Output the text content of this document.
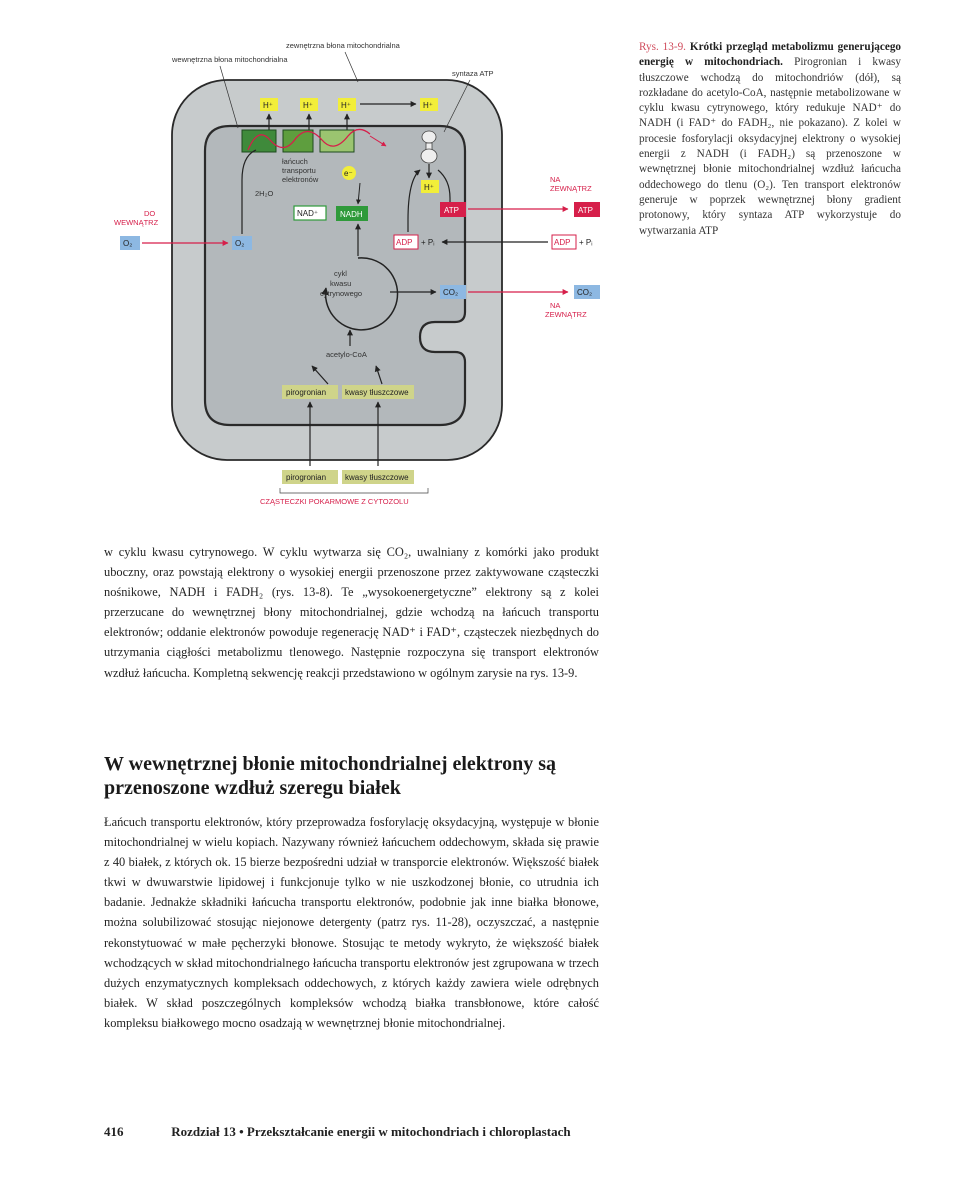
zewnętrzna błona mitochondrialna
wewnętrzna błona mitochondrialna
syntaza ATP
H⁺	H⁺	H⁺	H⁺
łańcuch
transportu
elektronów
e⁻
2H₂O
NAD⁺	NADH
H⁺
ATP	ATP
NA
ZEWNĄTRZ
ADP + Pᵢ	ADP + Pᵢ
DO
WEWNĄTRZ
O₂	O₂
cykl
kwasu
cytrynowego	CO₂	CO₂
NA
ZEWNĄTRZ
acetylo-CoA
pirogronian kwasy tłuszczowe
pirogronian kwasy tłuszczowe
CZĄSTECZKI POKARMOWE Z CYTOZOLU
Rys. 13-9. Krótki przegląd metabolizmu generującego energię w mitochondriach. Pirogronian i kwasy tłuszczowe wchodzą do mitochondriów (dół), są rozkładane do acetylo-CoA, następnie metabolizowane w cyklu kwasu cytrynowego, który redukuje NAD⁺ do NADH (i FAD⁺ do FADH₂, nie pokazano). Z kolei w procesie fosforylacji oksydacyjnej elektrony o wysokiej energii z NADH (i FADH₂) są przenoszone w wewnętrznej błonie mitochondrialnej wzdłuż łańcucha oddechowego do tlenu (O₂). Ten transport elektronów generuje w poprzek wewnętrznej błony gradient protonowy, który syntaza ATP wykorzystuje do wytwarzania ATP

w cyklu kwasu cytrynowego. W cyklu wytwarza się CO₂, uwalniany z komórki jako produkt uboczny, oraz powstają elektrony o wysokiej energii przenoszone przez zaktywowane cząsteczki nośnikowe, NADH i FADH₂ (rys. 13-8). Te „wysokoenergetyczne” elektrony są z kolei przerzucane do wewnętrznej błony mitochondrialnej, gdzie wchodzą na łańcuch transportu elektronów; oddanie elektronów powoduje regenerację NAD⁺ i FAD⁺, cząsteczek niezbędnych do utrzymania ciągłości metabolizmu tlenowego. Następnie rozpoczyna się transport elektronów wzdłuż łańcucha. Kompletną sekwencję reakcji przedstawiono w ogólnym zarysie na rys. 13-9.

W wewnętrznej błonie mitochondrialnej elektrony są przenoszone wzdłuż szeregu białek

Łańcuch transportu elektronów, który przeprowadza fosforylację oksydacyjną, występuje w błonie mitochondrialnej w wielu kopiach. Nazywany również łańcuchem oddechowym, składa się prawie z 40 białek, z których ok. 15 bierze bezpośredni udział w transporcie elektronów. Większość białek tkwi w dwuwarstwie lipidowej i funkcjonuje tylko w nie uszkodzonej błonie, co utrudnia ich badanie. Jednakże składniki łańcucha transportu elektronów, podobnie jak inne białka błonowe, można solubilizować stosując niejonowe detergenty (patrz rys. 11-28), oczyszczać, a następnie rekonstytuować w małe pęcherzyki błonowe. Stosując te metody wykryto, że większość białek wchodzących w skład mitochondrialnego łańcucha transportu elektronów jest zgrupowana w trzech dużych enzymatycznych kompleksach oddechowych, z których każdy zawiera wiele odrębnych białek. W skład poszczególnych kompleksów wchodzą białka transbłonowe, które całość kompleksu białkowego mocno osadzają w wewnętrznej błonie mitochondrialnej.

416	Rozdział 13 • Przekształcanie energii w mitochondriach i chloroplastach
